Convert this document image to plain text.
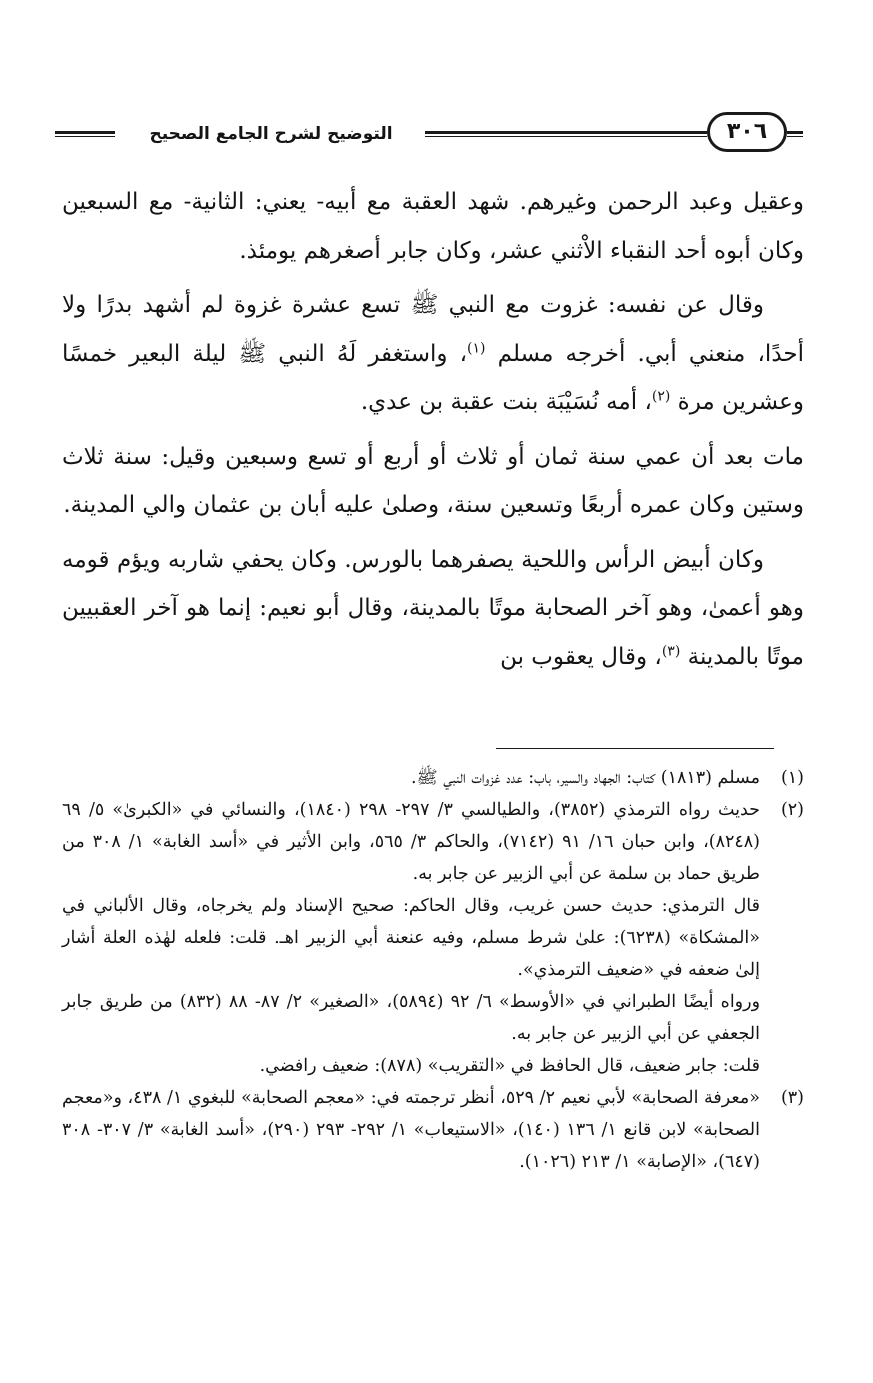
التوضيح لشرح الجامع الصحيح	٣٠٦

وعقيل وعبد الرحمن وغيرهم. شهد العقبة مع أبيه- يعني: الثانية- مع السبعين وكان أبوه أحد النقباء الاْثني عشر، وكان جابر أصغرهم يومئذ.

وقال عن نفسه: غزوت مع النبي ﷺ تسع عشرة غزوة لم أشهد بدرًا ولا أحدًا، منعني أبي. أخرجه مسلم $^{(١)}$، واستغفر لَهُ النبي ﷺ ليلة البعير خمسًا وعشرين مرة $^{(٢)}$، أمه نُسَيْبَة بنت عقبة بن عدي.

مات بعد أن عمي سنة ثمان أو ثلاث أو أربع أو تسع وسبعين وقيل: سنة ثلاث وستين وكان عمره أربعًا وتسعين سنة، وصلىٰ عليه أبان بن عثمان والي المدينة.

وكان أبيض الرأس واللحية يصفرهما بالورس. وكان يحفي شاربه ويؤم قومه وهو أعمىٰ، وهو آخر الصحابة موتًا بالمدينة، وقال أبو نعيم: إنما هو آخر العقبيين موتًا بالمدينة $^{(٣)}$، وقال يعقوب بن

(١)
مسلم (١٨١٣) كتاب: الجهاد والسير، باب: عدد غزوات النبي ﷺ.
(٢)
حديث رواه الترمذي (٣٨٥٢)، والطيالسي ٣/ ٢٩٧- ٢٩٨ (١٨٤٠)، والنسائي في «الكبرىٰ» ٥/ ٦٩ (٨٢٤٨)، وابن حبان ١٦/ ٩١ (٧١٤٢)، والحاكم ٣/ ٥٦٥، وابن الأثير في «أسد الغابة» ١/ ٣٠٨ من طريق حماد بن سلمة عن أبي الزبير عن جابر به.
قال الترمذي: حديث حسن غريب، وقال الحاكم: صحيح الإسناد ولم يخرجاه، وقال الألباني في «المشكاة» (٦٢٣٨): علىٰ شرط مسلم، وفيه عنعنة أبي الزبير اهـ. قلت: فلعله لهٰذه العلة أشار إلىٰ ضعفه في «ضعيف الترمذي».
ورواه أيضًا الطبراني في «الأوسط» ٦/ ٩٢ (٥٨٩٤)، «الصغير» ٢/ ٨٧- ٨٨ (٨٣٢) من طريق جابر الجعفي عن أبي الزبير عن جابر به.
قلت: جابر ضعيف، قال الحافظ في «التقريب» (٨٧٨): ضعيف رافضي.
(٣)
«معرفة الصحابة» لأبي نعيم ٢/ ٥٢٩، أنظر ترجمته في: «معجم الصحابة» للبغوي ١/ ٤٣٨، و«معجم الصحابة» لابن قانع ١/ ١٣٦ (١٤٠)، «الاستيعاب» ١/ ٢٩٢- ٢٩٣ (٢٩٠)، «أسد الغابة» ٣/ ٣٠٧- ٣٠٨ (٦٤٧)، «الإصابة» ١/ ٢١٣ (١٠٢٦).
